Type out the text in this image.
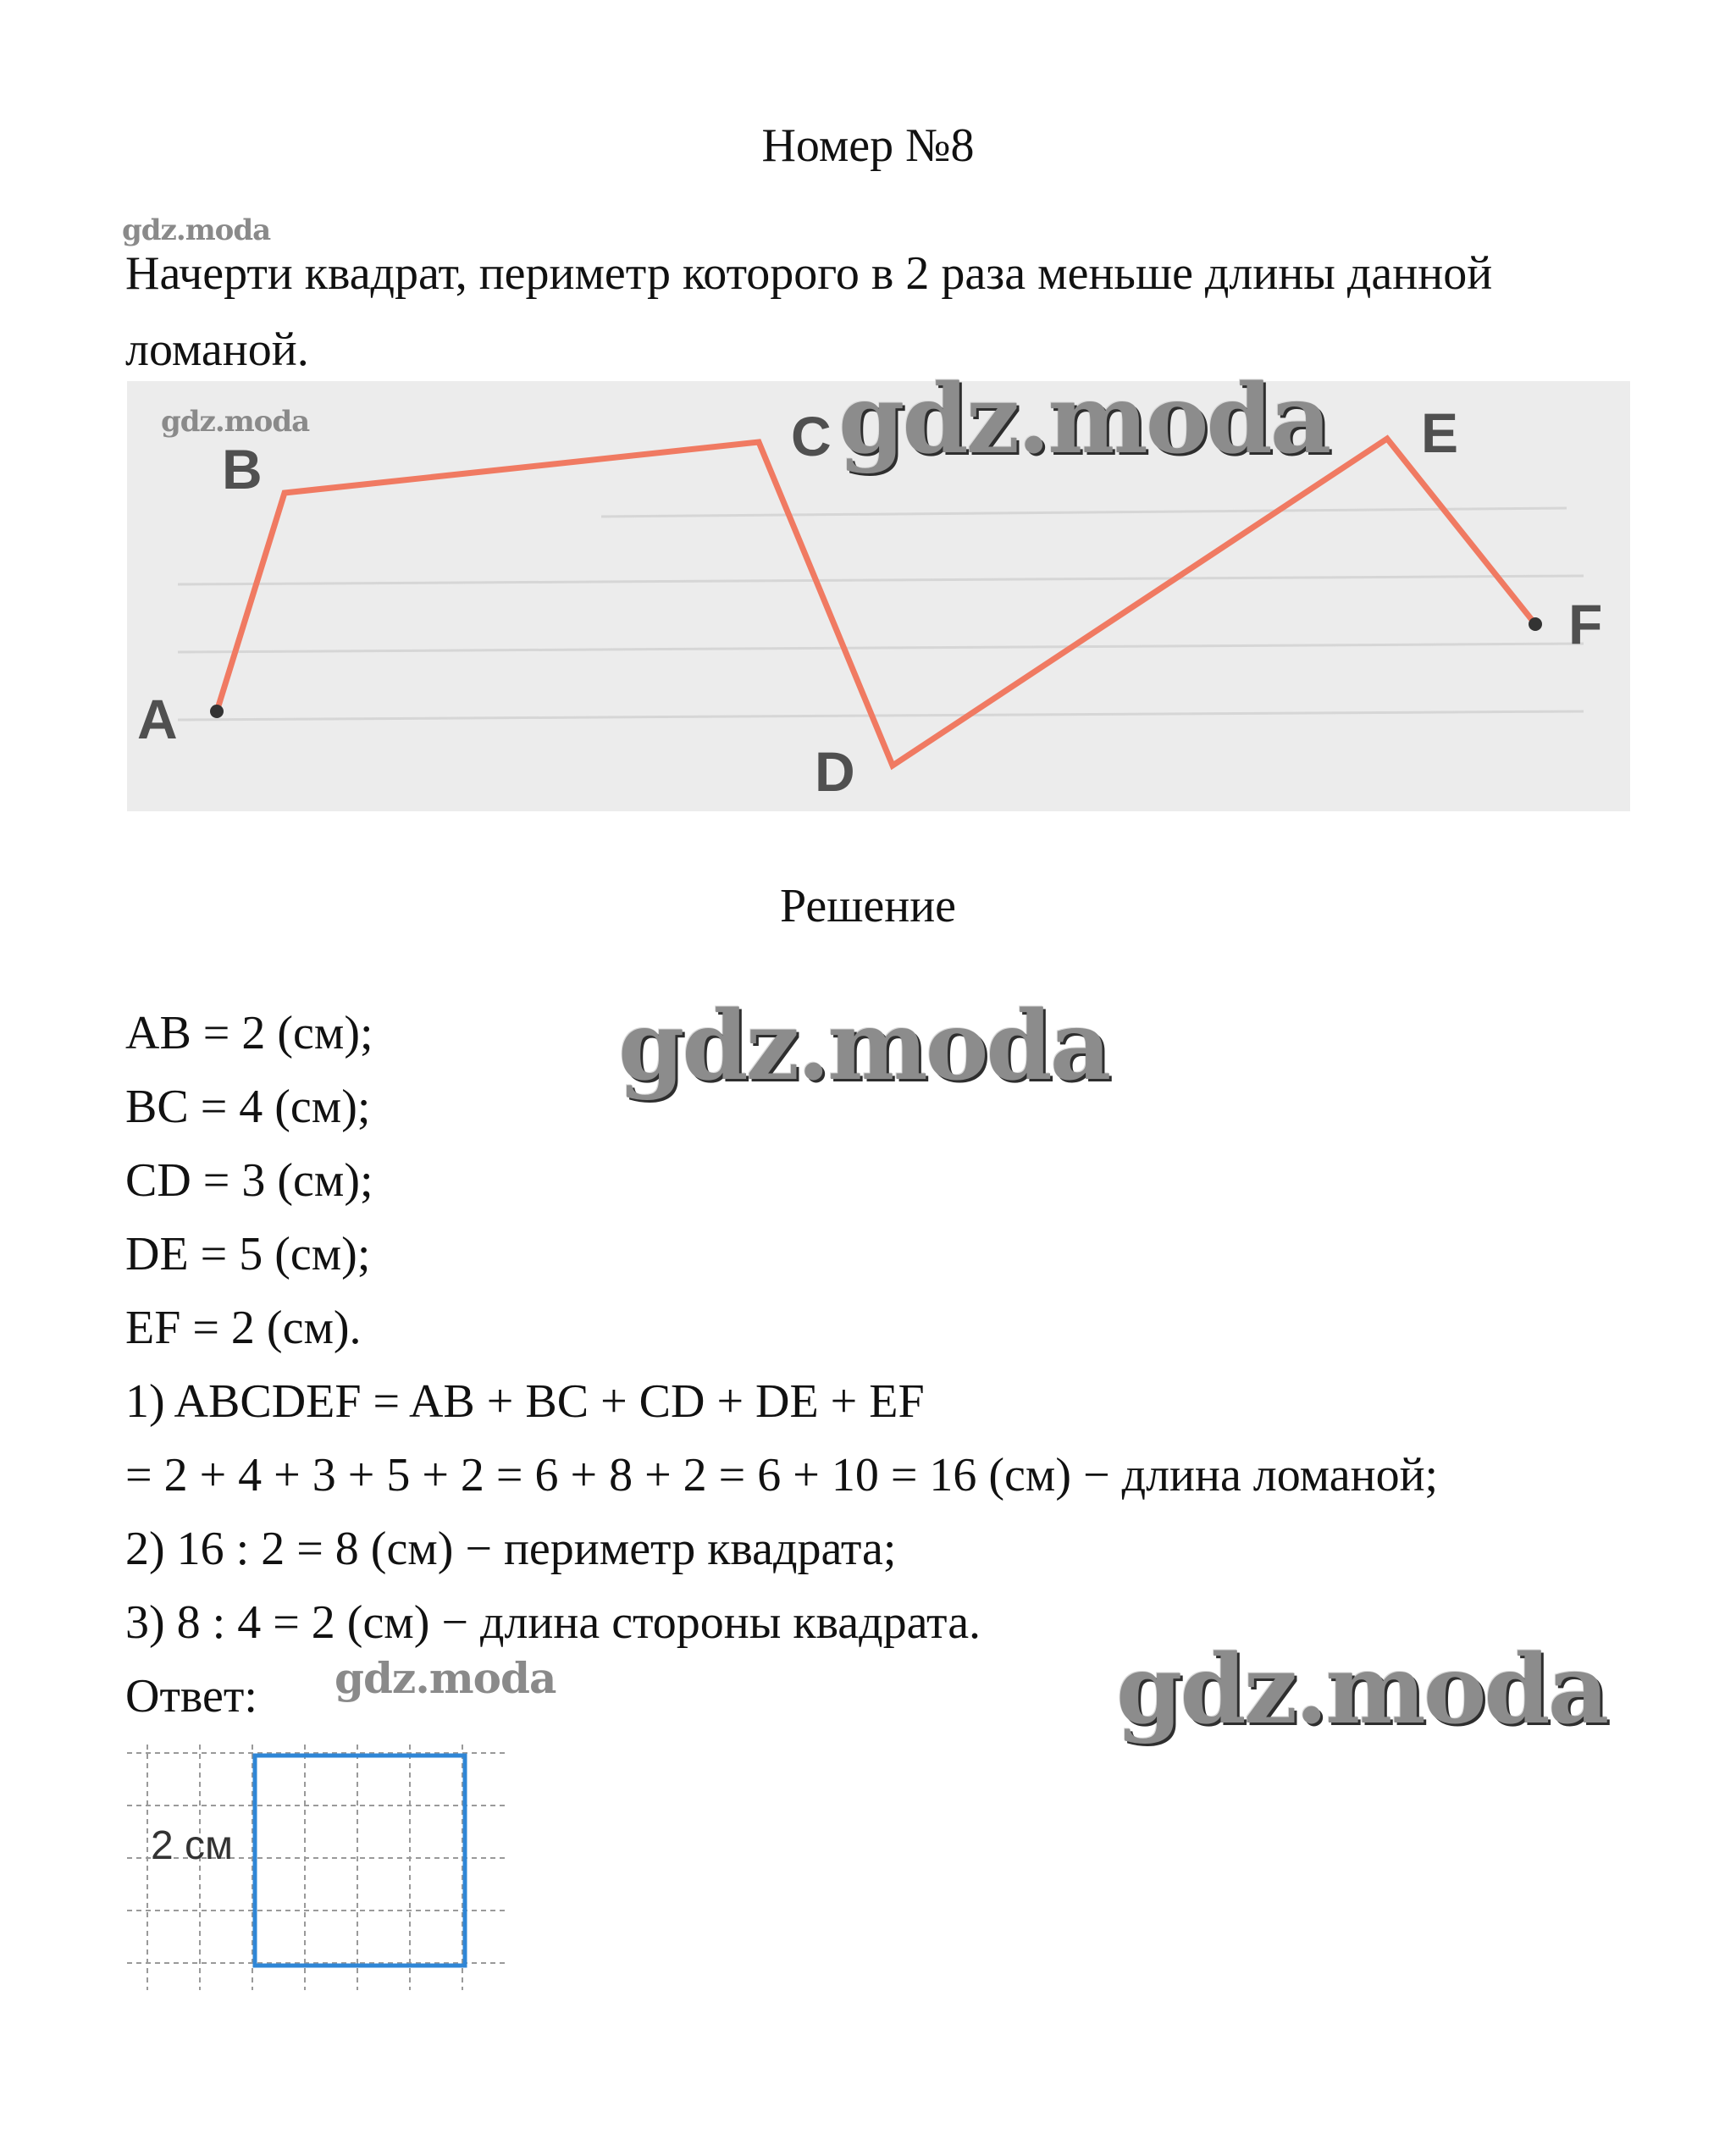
Номер №8
gdz.moda
Начерти квадрат, периметр которого в 2 раза меньше длины данной ломаной.
A
B
C
D
E
F
gdz.moda	gdz.moda
Решение
AB = 2 (см);
BC = 4 (см);
CD = 3 (см);
DE = 5 (см);
EF = 2 (см).
1) ABCDEF = AB + BC + CD + DE + EF
= 2 + 4 + 3 + 5 + 2 = 6 + 8 + 2 = 6 + 10 = 16 (см) − длина ломаной;
2) 16 : 2 = 8 (см) − периметр квадрата;
3) 8 : 4 = 2 (см) − длина стороны квадрата.
Ответ:
gdz.moda
gdz.moda	gdz.moda
2 см
